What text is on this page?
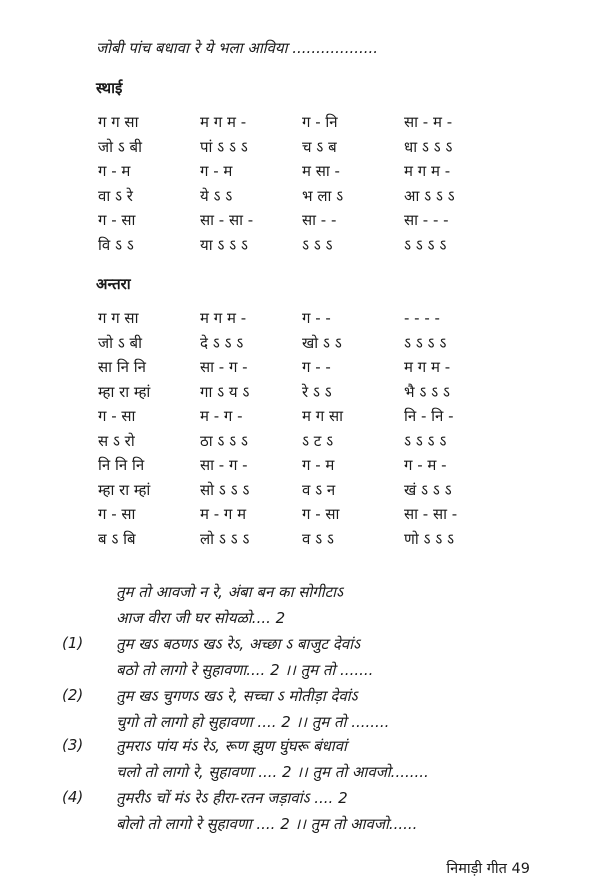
जोबी पांच बधावा रे ये भला आविया ..................
स्थाई
ग ग सा	म ग म -	ग - नि	सा - म -
जो ऽ बी	पां ऽ ऽ ऽ	च ऽ ब	धा ऽ ऽ ऽ
ग - म	ग - म	म सा -	म ग म -
वा ऽ रे	ये ऽ ऽ	भ ला ऽ	आ ऽ ऽ ऽ
ग - सा	सा - सा -	सा - -	सा - - -
वि ऽ ऽ	या ऽ ऽ ऽ	ऽ ऽ ऽ	ऽ ऽ ऽ ऽ
अन्तरा
ग ग सा	म ग म -	ग - -	- - - -
जो ऽ बी	दे ऽ ऽ ऽ	खो ऽ ऽ	ऽ ऽ ऽ ऽ
सा नि नि	सा - ग -	ग - -	म ग म -
म्हा रा म्हां	गा ऽ य ऽ	रे ऽ ऽ	भै ऽ ऽ ऽ
ग - सा	म - ग -	म ग सा	नि - नि -
स ऽ रो	ठा ऽ ऽ ऽ	ऽ ट ऽ	ऽ ऽ ऽ ऽ
नि नि नि	सा - ग -	ग - म	ग - म -
म्हा रा म्हां	सो ऽ ऽ ऽ	व ऽ न	खं ऽ ऽ ऽ
ग - सा	म - ग म	ग - सा	सा - सा -
ब ऽ बि	लो ऽ ऽ ऽ	व ऽ ऽ	णो ऽ ऽ ऽ
तुम तो आवजो न रे, अंबा बन का सोगीटाऽ
आज वीरा जी घर सोयळो.... 2
(1) तुम खऽ बठणऽ खऽ रेऽ, अच्छा ऽ बाजुट देवांऽ
बठो तो लागो रे सुहावणा.... 2 ।। तुम तो .......
(2) तुम खऽ चुगणऽ खऽ रे, सच्चा ऽ मोतीड़ा देवांऽ
चुगो तो लागो हो सुहावणा .... 2 ।। तुम तो ........
(3) तुमराऽ पांय मंऽ रेऽ, रूण झुण घुंघरू बंधावां
चलो तो लागो रे, सुहावणा .... 2 ।। तुम तो आवजो........
(4) तुमरीऽ चों मंऽ रेऽ हीरा-रतन जड़ावांऽ .... 2
बोलो तो लागो रे सुहावणा .... 2 ।। तुम तो आवजो......
निमाड़ी गीत 49
